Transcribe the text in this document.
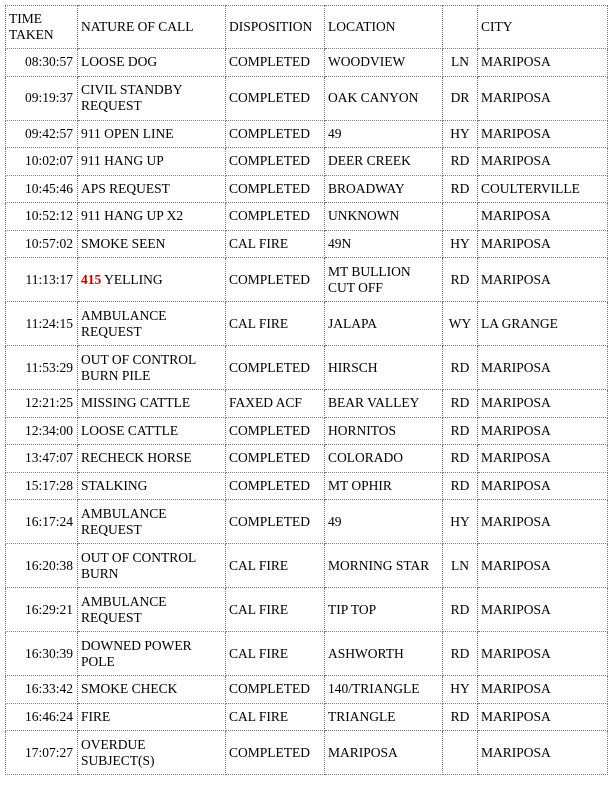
TIME TAKEN	NATURE OF CALL	DISPOSITION	LOCATION		CITY
08:30:57	LOOSE DOG	COMPLETED	WOODVIEW	LN	MARIPOSA
09:19:37	CIVIL STANDBY REQUEST	COMPLETED	OAK CANYON	DR	MARIPOSA
09:42:57	911 OPEN LINE	COMPLETED	49	HY	MARIPOSA
10:02:07	911 HANG UP	COMPLETED	DEER CREEK	RD	MARIPOSA
10:45:46	APS REQUEST	COMPLETED	BROADWAY	RD	COULTERVILLE
10:52:12	911 HANG UP X2	COMPLETED	UNKNOWN		MARIPOSA
10:57:02	SMOKE SEEN	CAL FIRE	49N	HY	MARIPOSA
11:13:17	415 YELLING	COMPLETED	MT BULLION CUT OFF	RD	MARIPOSA
11:24:15	AMBULANCE REQUEST	CAL FIRE	JALAPA	WY	LA GRANGE
11:53:29	OUT OF CONTROL BURN PILE	COMPLETED	HIRSCH	RD	MARIPOSA
12:21:25	MISSING CATTLE	FAXED ACF	BEAR VALLEY	RD	MARIPOSA
12:34:00	LOOSE CATTLE	COMPLETED	HORNITOS	RD	MARIPOSA
13:47:07	RECHECK HORSE	COMPLETED	COLORADO	RD	MARIPOSA
15:17:28	STALKING	COMPLETED	MT OPHIR	RD	MARIPOSA
16:17:24	AMBULANCE REQUEST	COMPLETED	49	HY	MARIPOSA
16:20:38	OUT OF CONTROL BURN	CAL FIRE	MORNING STAR	LN	MARIPOSA
16:29:21	AMBULANCE REQUEST	CAL FIRE	TIP TOP	RD	MARIPOSA
16:30:39	DOWNED POWER POLE	CAL FIRE	ASHWORTH	RD	MARIPOSA
16:33:42	SMOKE CHECK	COMPLETED	140/TRIANGLE	HY	MARIPOSA
16:46:24	FIRE	CAL FIRE	TRIANGLE	RD	MARIPOSA
17:07:27	OVERDUE SUBJECT(S)	COMPLETED	MARIPOSA		MARIPOSA
